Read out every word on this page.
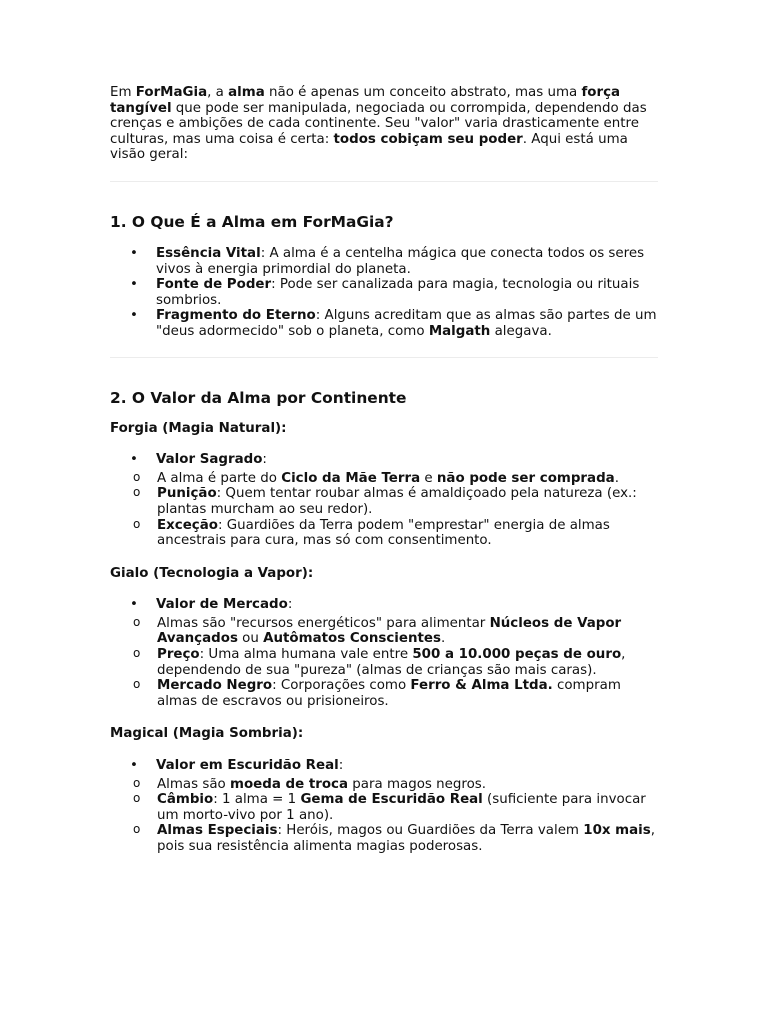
Em ForMaGia, a alma não é apenas um conceito abstrato, mas uma força tangível que pode ser manipulada, negociada ou corrompida, dependendo das crenças e ambições de cada continente. Seu "valor" varia drasticamente entre culturas, mas uma coisa é certa: todos cobiçam seu poder. Aqui está uma visão geral:

1. O Que É a Alma em ForMaGia?
• Essência Vital: A alma é a centelha mágica que conecta todos os seres vivos à energia primordial do planeta.
• Fonte de Poder: Pode ser canalizada para magia, tecnologia ou rituais sombrios.
• Fragmento do Eterno: Alguns acreditam que as almas são partes de um "deus adormecido" sob o planeta, como Malgath alegava.
2. O Valor da Alma por Continente

Forgia (Magia Natural):

• Valor Sagrado:
o A alma é parte do Ciclo da Mãe Terra e não pode ser comprada.
o Punição: Quem tentar roubar almas é amaldiçoado pela natureza (ex.: plantas murcham ao seu redor).
o Exceção: Guardiões da Terra podem "emprestar" energia de almas ancestrais para cura, mas só com consentimento.

Gialo (Tecnologia a Vapor):

• Valor de Mercado:
o Almas são "recursos energéticos" para alimentar Núcleos de Vapor Avançados ou Autômatos Conscientes.
o Preço: Uma alma humana vale entre 500 a 10.000 peças de ouro, dependendo de sua "pureza" (almas de crianças são mais caras).
o Mercado Negro: Corporações como Ferro & Alma Ltda. compram almas de escravos ou prisioneiros.

Magical (Magia Sombria):

• Valor em Escuridão Real:
o Almas são moeda de troca para magos negros.
o Câmbio: 1 alma = 1 Gema de Escuridão Real (suficiente para invocar um morto-vivo por 1 ano).
o Almas Especiais: Heróis, magos ou Guardiões da Terra valem 10x mais, pois sua resistência alimenta magias poderosas.
